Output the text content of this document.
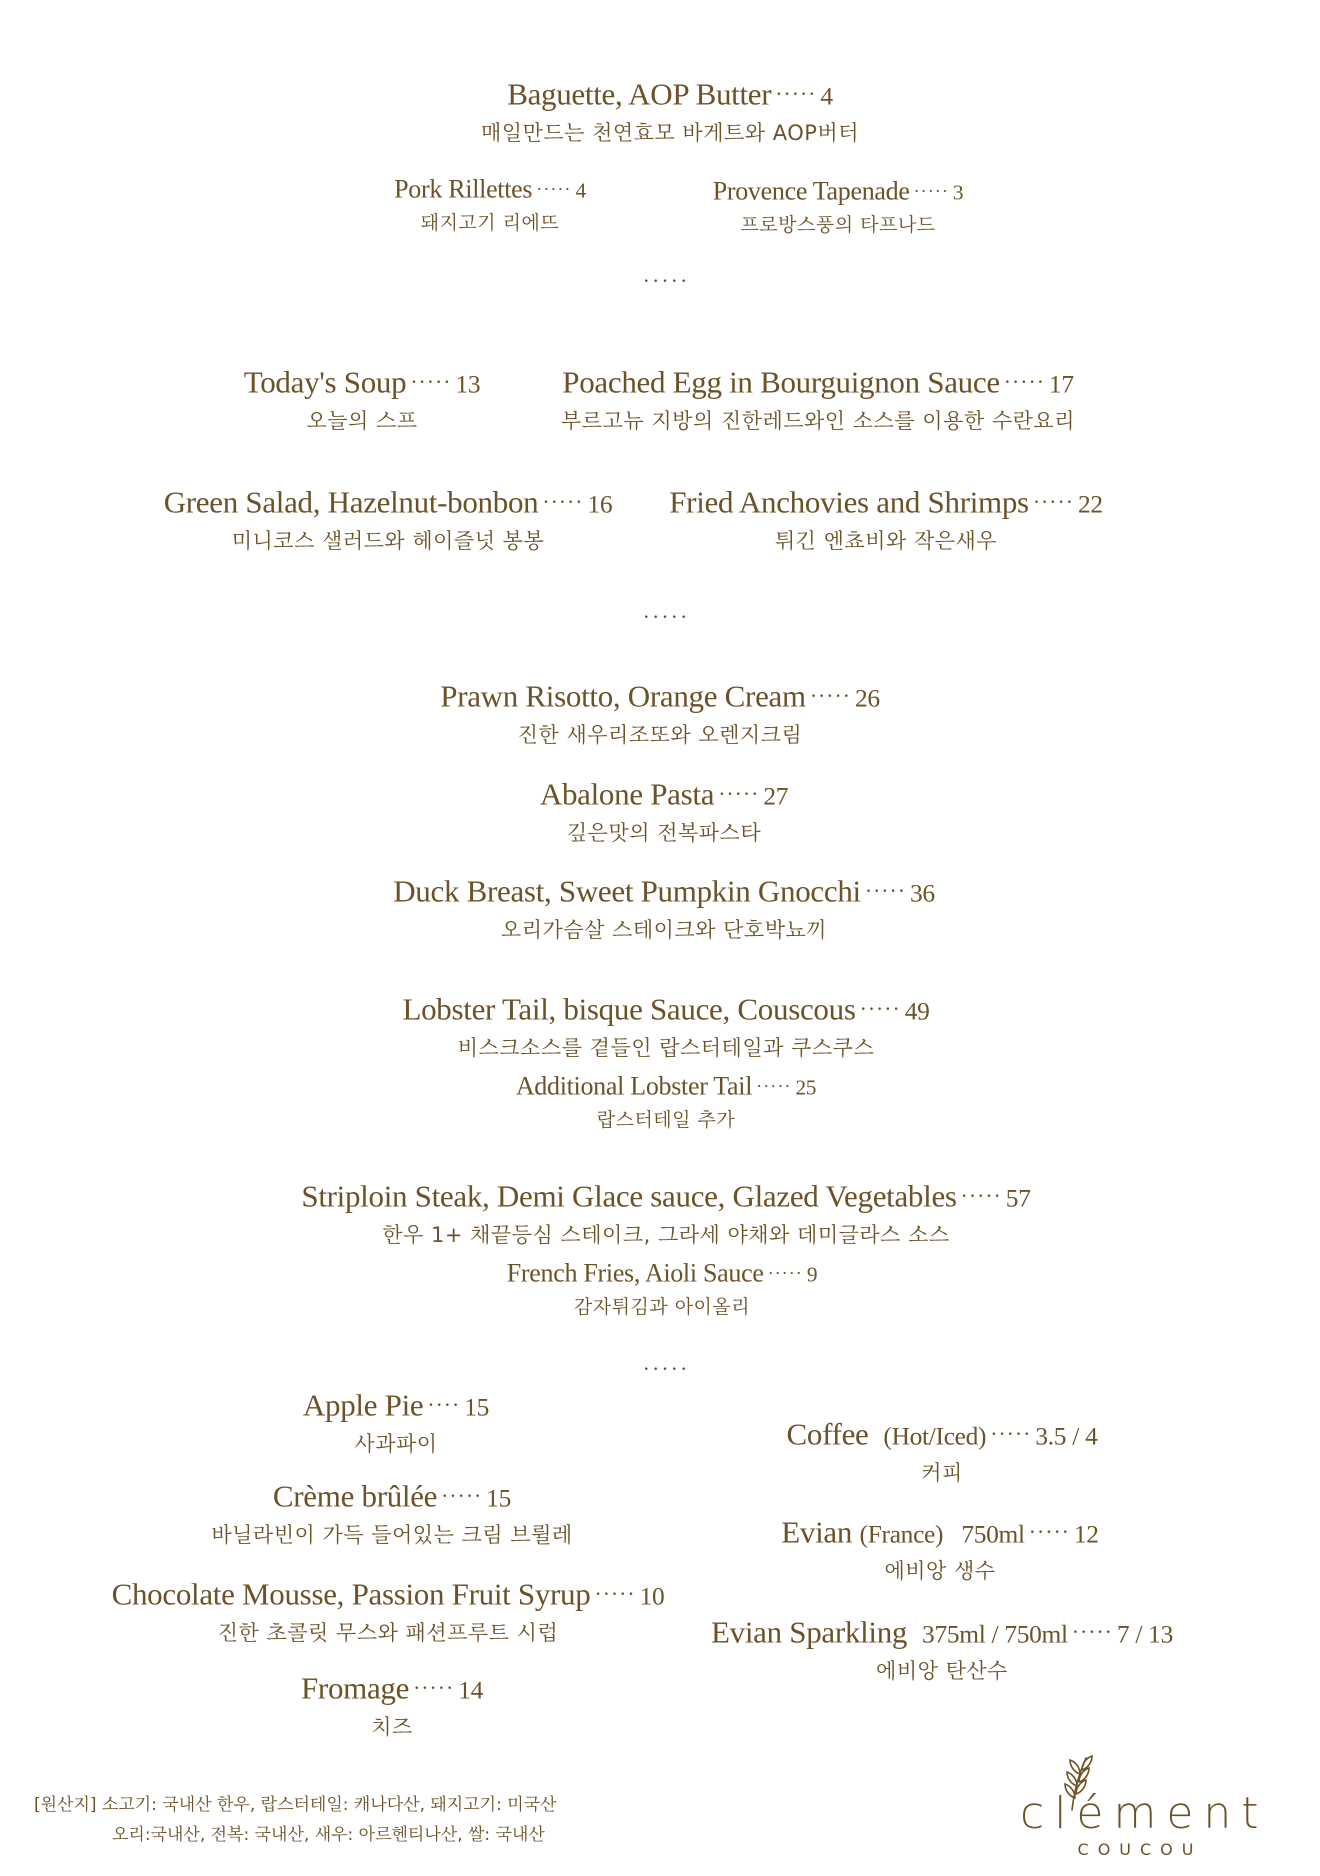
Baguette, AOP Butter ····· 4
매일만드는 천연효모 바게트와 AOP버터
Pork Rillettes ····· 4
돼지고기 리에뜨
Provence Tapenade ····· 3
프로방스풍의 타프나드
·····
Today's Soup ····· 13
오늘의 스프
Poached Egg in Bourguignon Sauce ····· 17
부르고뉴 지방의 진한레드와인 소스를 이용한 수란요리
Green Salad, Hazelnut-bonbon ····· 16
미니코스 샐러드와 헤이즐넛 봉봉
Fried Anchovies and Shrimps ····· 22
튀긴 엔쵸비와 작은새우
·····
Prawn Risotto, Orange Cream ····· 26
진한 새우리조또와 오렌지크림
Abalone Pasta ····· 27
깊은맛의 전복파스타
Duck Breast, Sweet Pumpkin Gnocchi ····· 36
오리가슴살 스테이크와 단호박뇨끼
Lobster Tail, bisque Sauce, Couscous ····· 49
비스크소스를 곁들인 랍스터테일과 쿠스쿠스
Additional Lobster Tail ····· 25
랍스터테일 추가
Striploin Steak, Demi Glace sauce, Glazed Vegetables ····· 57
한우 1+ 채끝등심 스테이크, 그라세 야채와 데미글라스 소스
French Fries, Aioli Sauce ····· 9
감자튀김과 아이올리
·····
Apple Pie ···· 15
사과파이
Crème brûlée ····· 15
바닐라빈이 가득 들어있는 크림 브륄레
Chocolate Mousse, Passion Fruit Syrup ····· 10
진한 초콜릿 무스와 패션프루트 시럽
Fromage ····· 14
치즈
Coffee (Hot/Iced) ····· 3.5 / 4
커피
Evian (France)   750ml ····· 12
에비앙 생수
Evian Sparkling 375ml / 750ml ····· 7 / 13
에비앙 탄산수
[원산지] 소고기: 국내산 한우, 랍스터테일: 캐나다산, 돼지고기: 미국산
오리:국내산, 전복: 국내산, 새우: 아르헨티나산, 쌀: 국내산	clément
COUCOU
